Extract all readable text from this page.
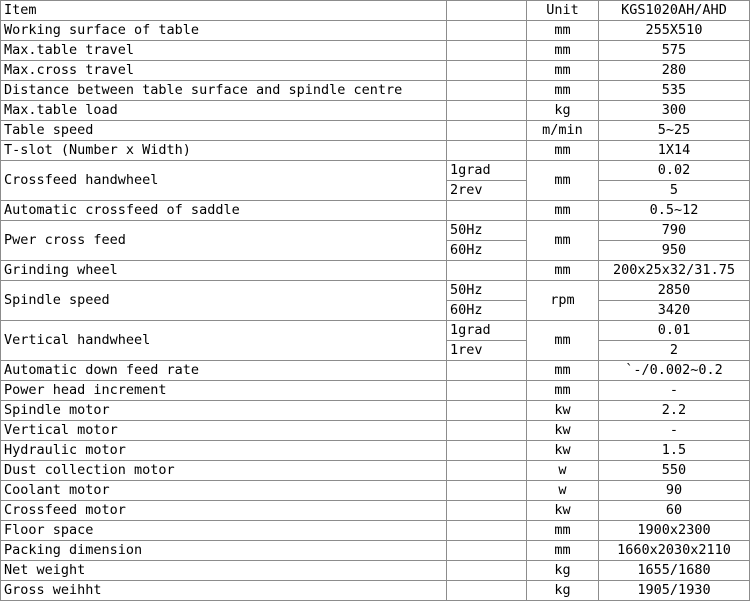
Item		Unit	KGS1020AH/AHD
Working surface of table		mm	255X510
Max.table travel		mm	575
Max.cross travel		mm	280
Distance between table surface and spindle centre		mm	535
Max.table load		kg	300
Table speed		m/min	5~25
T-slot (Number x Width)		mm	1X14
Crossfeed handwheel	1grad	mm	0.02
	2rev		5
Automatic crossfeed of saddle		mm	0.5~12
Pwer cross feed	50Hz	mm	790
	60Hz		950
Grinding wheel		mm	200x25x32/31.75
Spindle speed	50Hz	rpm	2850
	60Hz		3420
Vertical handwheel	1grad	mm	0.01
	1rev		2
Automatic down feed rate		mm	`-/0.002~0.2
Power head increment		mm	-
Spindle motor		kw	2.2
Vertical motor		kw	-
Hydraulic motor		kw	1.5
Dust collection motor		w	550
Coolant motor		w	90
Crossfeed motor		kw	60
Floor space		mm	1900x2300
Packing dimension		mm	1660x2030x2110
Net weight		kg	1655/1680
Gross weihht		kg	1905/1930
